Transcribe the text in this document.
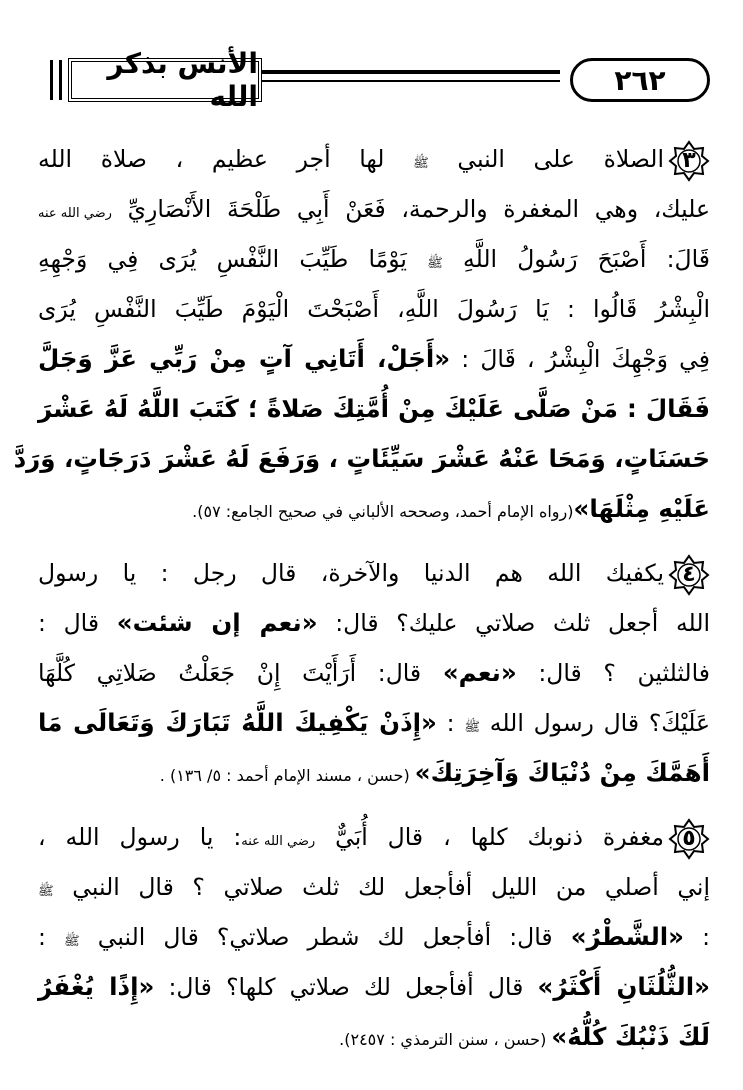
الأنس بذكر الله	٢٦٢
٣
الصلاة على النبي ﷺ لها أجر عظيم ، صلاة الله
عليك، وهي المغفرة والرحمة، فَعَنْ أَبِي طَلْحَةَ الأَنْصَارِيِّ رضي الله عنه
قَالَ: أَصْبَحَ رَسُولُ اللَّهِ ﷺ يَوْمًا طَيِّبَ النَّفْسِ يُرَى فِي وَجْهِهِ
الْبِشْرُ قَالُوا : يَا رَسُولَ اللَّهِ، أَصْبَحْتَ الْيَوْمَ طَيِّبَ النَّفْسِ يُرَى
فِي وَجْهِكَ الْبِشْرُ ، قَالَ : «أَجَلْ، أَتَانِي آتٍ مِنْ رَبِّي عَزَّ وَجَلَّ
فَقَالَ : مَنْ صَلَّى عَلَيْكَ مِنْ أُمَّتِكَ صَلاةً ؛ كَتَبَ اللَّهُ لَهُ عَشْرَ
حَسَنَاتٍ، وَمَحَا عَنْهُ عَشْرَ سَيِّئَاتٍ ، وَرَفَعَ لَهُ عَشْرَ دَرَجَاتٍ، وَرَدَّ
عَلَيْهِ مِثْلَهَا»(رواه الإمام أحمد، وصححه الألباني في صحيح الجامع: ٥٧).
٤
يكفيك الله هم الدنيا والآخرة، قال رجل : يا رسول
الله أجعل ثلث صلاتي عليك؟ قال: «نعم إن شئت» قال :
فالثلثين ؟ قال: «نعم» قال: أَرَأَيْتَ إِنْ جَعَلْتُ صَلاتِي كُلَّهَا
عَلَيْكَ؟ قال رسول الله ﷺ : «إِذَنْ يَكْفِيكَ اللَّهُ تَبَارَكَ وَتَعَالَى مَا
أَهَمَّكَ مِنْ دُنْيَاكَ وَآخِرَتِكَ» (حسن ، مسند الإمام أحمد : ٥/ ١٣٦) .
٥
مغفرة ذنوبك كلها ، قال أُبَيٌّ رضي الله عنه: يا رسول الله ،
إني أصلي من الليل أفأجعل لك ثلث صلاتي ؟ قال النبي ﷺ
: «الشَّطْرُ» قال: أفأجعل لك شطر صلاتي؟ قال النبي ﷺ :
«الثُّلُثَانِ أَكْثَرُ» قال أفأجعل لك صلاتي كلها؟ قال: «إِذًا يُغْفَرُ
لَكَ ذَنْبُكَ كُلُّهُ» (حسن ، سنن الترمذي : ٢٤٥٧).
